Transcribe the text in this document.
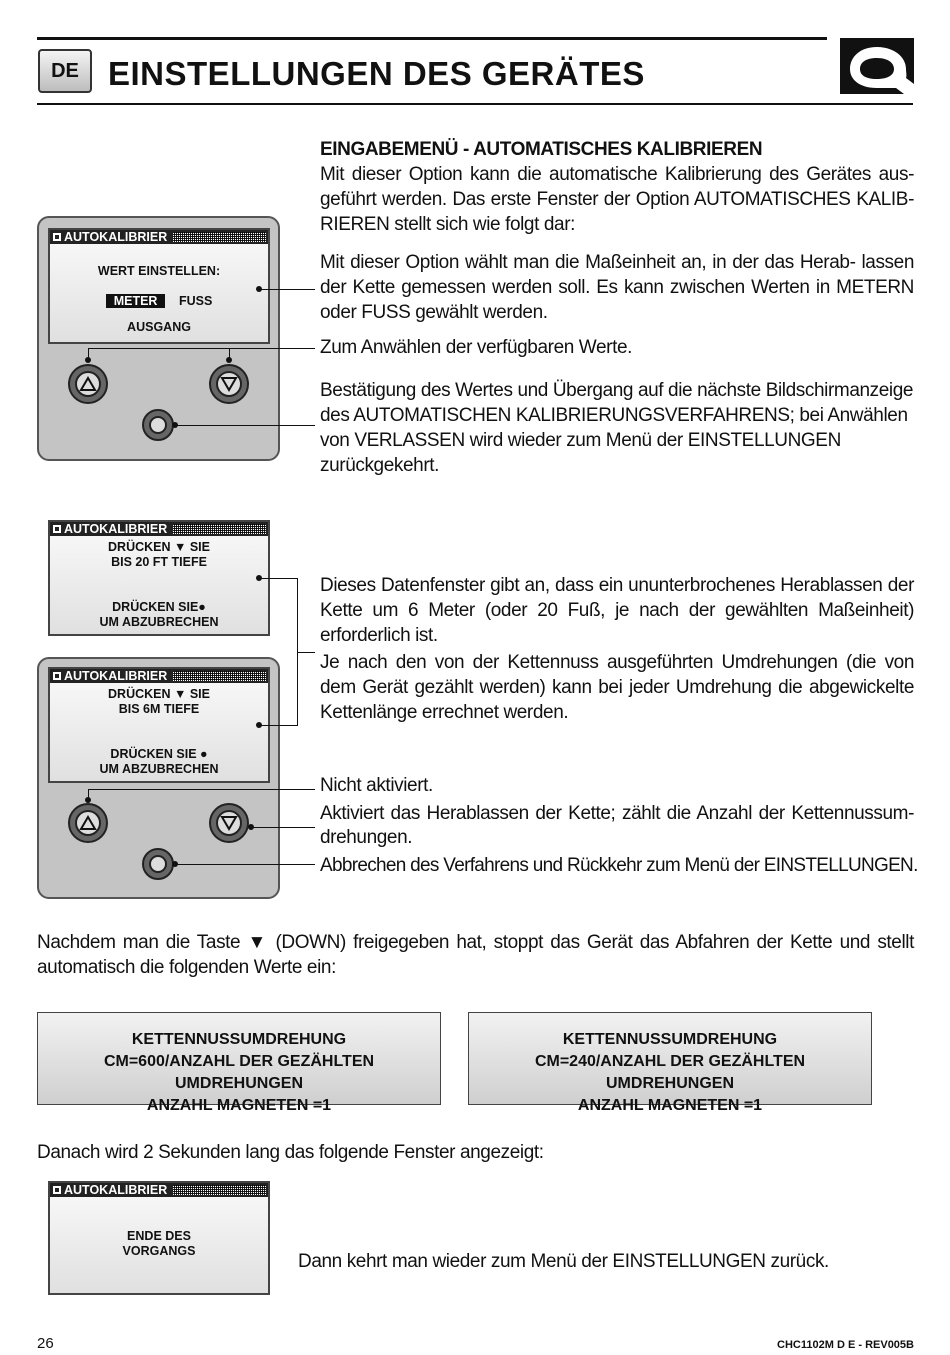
DE EINSTELLUNGEN DES GERÄTES
EINGABEMENÜ - AUTOMATISCHES KALIBRIEREN
Mit dieser Option kann die automatische Kalibrierung des Gerätes aus-geführt werden. Das erste Fenster der Option AUTOMATISCHES KALIB-RIEREN stellt sich wie folgt dar:
Mit dieser Option wählt man die Maßeinheit an, in der das Herab- lassen der Kette gemessen werden soll. Es kann zwischen Werten in METERN oder FUSS gewählt werden.
Zum Anwählen der verfügbaren Werte.
Bestätigung des Wertes und Übergang auf die nächste Bildschirmanzeige des AUTOMATISCHEN KALIBRIERUNGSVERFAHRENS; bei Anwählen von VERLASSEN wird wieder zum Menü der EINSTELLUNGEN zurückgekehrt.
AUTOKALIBRIER
WERT EINSTELLEN:
METER FUSS
AUSGANG
AUTOKALIBRIER
DRÜCKEN ▼ SIE
BIS 20 FT TIEFE
DRÜCKEN SIE●
UM ABZUBRECHEN
AUTOKALIBRIER
DRÜCKEN ▼ SIE
BIS 6M TIEFE
DRÜCKEN SIE ●
UM ABZUBRECHEN
Dieses Datenfenster gibt an, dass ein ununterbrochenes Herablassen der Kette um 6 Meter (oder 20 Fuß, je nach der gewählten Maßeinheit) erforderlich ist.
Je nach den von der Kettennuss ausgeführten Umdrehungen (die von dem Gerät gezählt werden) kann bei jeder Umdrehung die abgewickelte Kettenlänge errechnet werden.
Nicht aktiviert.
Aktiviert das Herablassen der Kette; zählt die Anzahl der Kettennussum-drehungen.
Abbrechen des Verfahrens und Rückkehr zum Menü der EINSTELLUNGEN.
Nachdem man die Taste ▼ (DOWN) freigegeben hat, stoppt das Gerät das Abfahren der Kette und stellt automatisch die folgenden Werte ein:
KETTENNUSSUMDREHUNG
CM=600/ANZAHL DER GEZÄHLTEN UMDREHUNGEN
ANZAHL MAGNETEN =1
KETTENNUSSUMDREHUNG
CM=240/ANZAHL DER GEZÄHLTEN UMDREHUNGEN
ANZAHL MAGNETEN =1
Danach wird 2 Sekunden lang das folgende Fenster angezeigt:
AUTOKALIBRIER
ENDE DES
VORGANGS	Dann kehrt man wieder zum Menü der EINSTELLUNGEN zurück.
26	CHC1102M D E - REV005B
